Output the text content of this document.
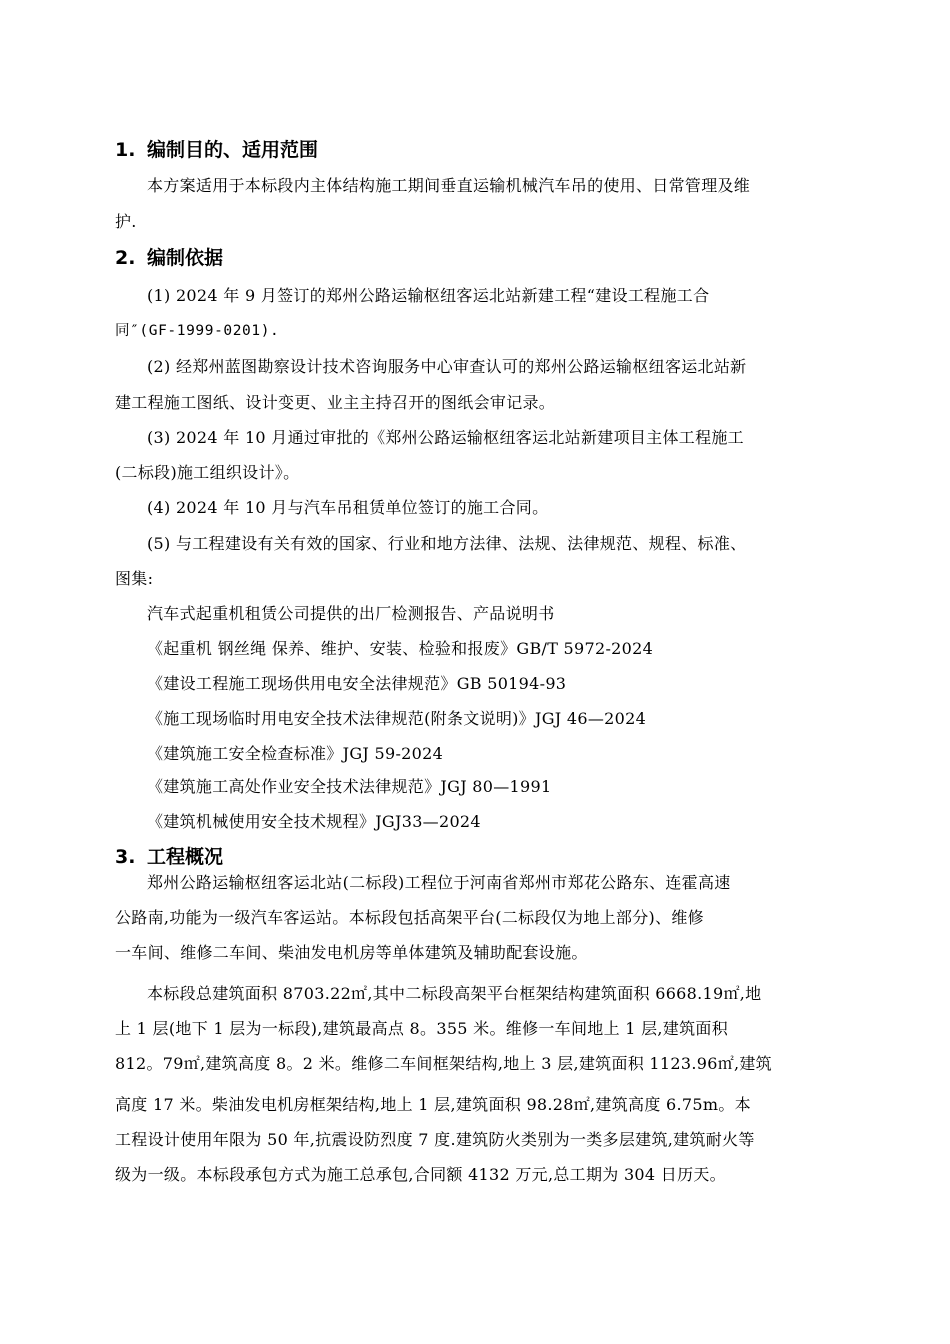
1. 编制目的、适用范围
本方案适用于本标段内主体结构施工期间垂直运输机械汽车吊的使用、日常管理及维
护.
2. 编制依据
(1) 2024 年 9 月签订的郑州公路运输枢纽客运北站新建工程“建设工程施工合
同″(GF-1999-0201).
(2) 经郑州蓝图勘察设计技术咨询服务中心审查认可的郑州公路运输枢纽客运北站新
建工程施工图纸、设计变更、业主主持召开的图纸会审记录。
(3) 2024 年 10 月通过审批的《郑州公路运输枢纽客运北站新建项目主体工程施工
(二标段)施工组织设计》。
(4) 2024 年 10 月与汽车吊租赁单位签订的施工合同。
(5) 与工程建设有关有效的国家、行业和地方法律、法规、法律规范、规程、标准、
图集:
汽车式起重机租赁公司提供的出厂检测报告、产品说明书
《起重机 钢丝绳 保养、维护、安装、检验和报废》GB/T 5972-2024
《建设工程施工现场供用电安全法律规范》GB 50194-93
《施工现场临时用电安全技术法律规范(附条文说明)》JGJ 46—2024
《建筑施工安全检查标准》JGJ 59-2024
《建筑施工高处作业安全技术法律规范》JGJ 80—1991
《建筑机械使用安全技术规程》JGJ33—2024
3. 工程概况
郑州公路运输枢纽客运北站(二标段)工程位于河南省郑州市郑花公路东、连霍高速
公路南,功能为一级汽车客运站。本标段包括高架平台(二标段仅为地上部分)、维修
一车间、维修二车间、柴油发电机房等单体建筑及辅助配套设施。
本标段总建筑面积 8703.22㎡,其中二标段高架平台框架结构建筑面积 6668.19㎡,地
上 1 层(地下 1 层为一标段),建筑最高点 8。355 米。维修一车间地上 1 层,建筑面积
812。79㎡,建筑高度 8。2 米。维修二车间框架结构,地上 3 层,建筑面积 1123.96㎡,建筑
高度 17 米。柴油发电机房框架结构,地上 1 层,建筑面积 98.28㎡,建筑高度 6.75m。本
工程设计使用年限为 50 年,抗震设防烈度 7 度.建筑防火类别为一类多层建筑,建筑耐火等
级为一级。本标段承包方式为施工总承包,合同额 4132 万元,总工期为 304 日历天。
